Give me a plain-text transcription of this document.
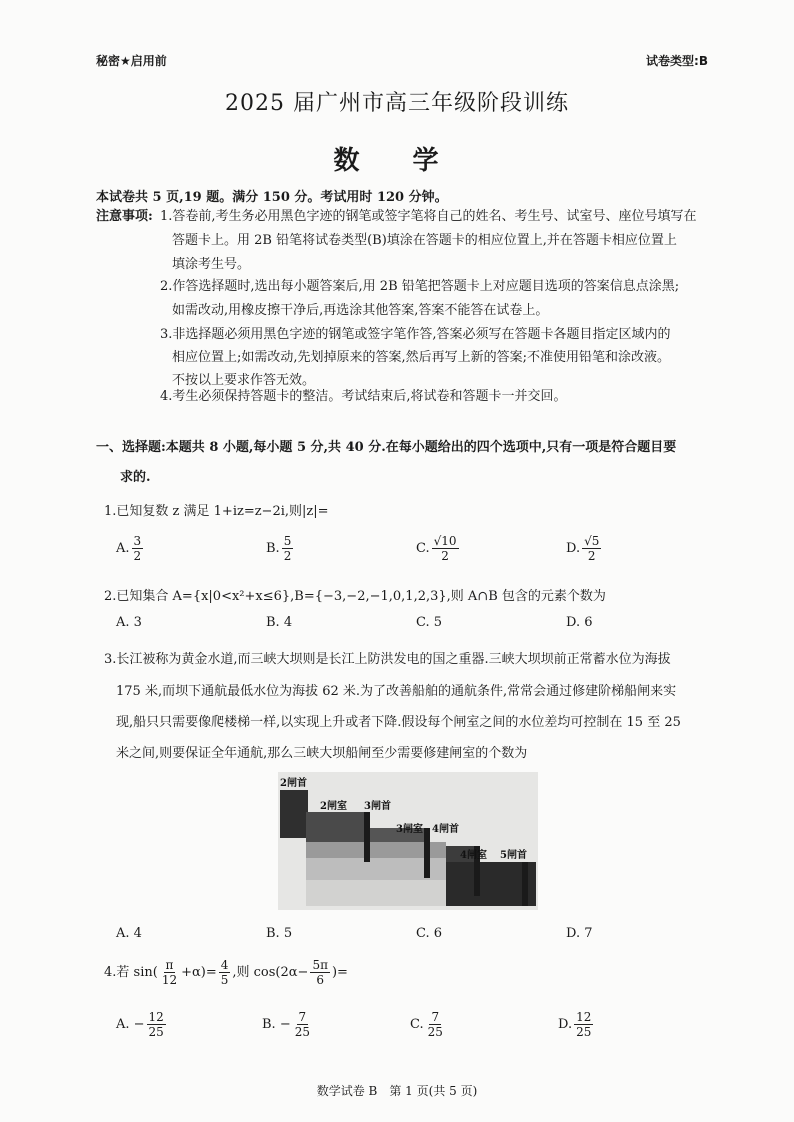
秘密★启用前	试卷类型:B
2025 届广州市高三年级阶段训练
数 学
本试卷共 5 页,19 题。满分 150 分。考试用时 120 分钟。
注意事项: 1.答卷前,考生务必用黑色字迹的钢笔或签字笔将自己的姓名、考生号、试室号、座位号填写在
答题卡上。用 2B 铅笔将试卷类型(B)填涂在答题卡的相应位置上,并在答题卡相应位置上
填涂考生号。
2.作答选择题时,选出每小题答案后,用 2B 铅笔把答题卡上对应题目选项的答案信息点涂黑;
如需改动,用橡皮擦干净后,再选涂其他答案,答案不能答在试卷上。
3.非选择题必须用黑色字迹的钢笔或签字笔作答,答案必须写在答题卡各题目指定区域内的
相应位置上;如需改动,先划掉原来的答案,然后再写上新的答案;不准使用铅笔和涂改液。
不按以上要求作答无效。
4.考生必须保持答题卡的整洁。考试结束后,将试卷和答题卡一并交回。
一、选择题:本题共 8 小题,每小题 5 分,共 40 分.在每小题给出的四个选项中,只有一项是符合题目要
求的.
1.已知复数 z 满足 1+iz=z−2i,则|z|=
A. $\frac{3}{2}$	B. $\frac{5}{2}$	C. √ $\frac{10}{2}$	D. √ $\frac{5}{2}$
2.已知集合 A={x|0<x²+x≤6},B={−3,−2,−1,0,1,2,3},则 A∩B 包含的元素个数为
A. 3	B. 4	C. 5	D. 6
3.长江被称为黄金水道,而三峡大坝则是长江上防洪发电的国之重器.三峡大坝坝前正常蓄水位为海拔
175 米,而坝下通航最低水位为海拔 62 米.为了改善船舶的通航条件,常常会通过修建阶梯船闸来实
现,船只只需要像爬楼梯一样,以实现上升或者下降.假设每个闸室之间的水位差均可控制在 15 至 25
米之间,则要保证全年通航,那么三峡大坝船闸至少需要修建闸室的个数为
2闸首
2闸室 3闸首
3闸室 4闸首
4闸室 5闸首
A. 4	B. 5	C. 6	D. 7
4.若 $\sin( \frac{\pi}{12} +\alpha)= \frac{4}{5}$ ,则 $\cos(2\alpha- \frac{5\pi}{6}$ )=
A. − $\frac{12}{25}$	B. − $\frac{7}{25}$	C. $\frac{7}{25}$	D. $\frac{12}{25}$
数学试卷 B　第 1 页(共 5 页)
